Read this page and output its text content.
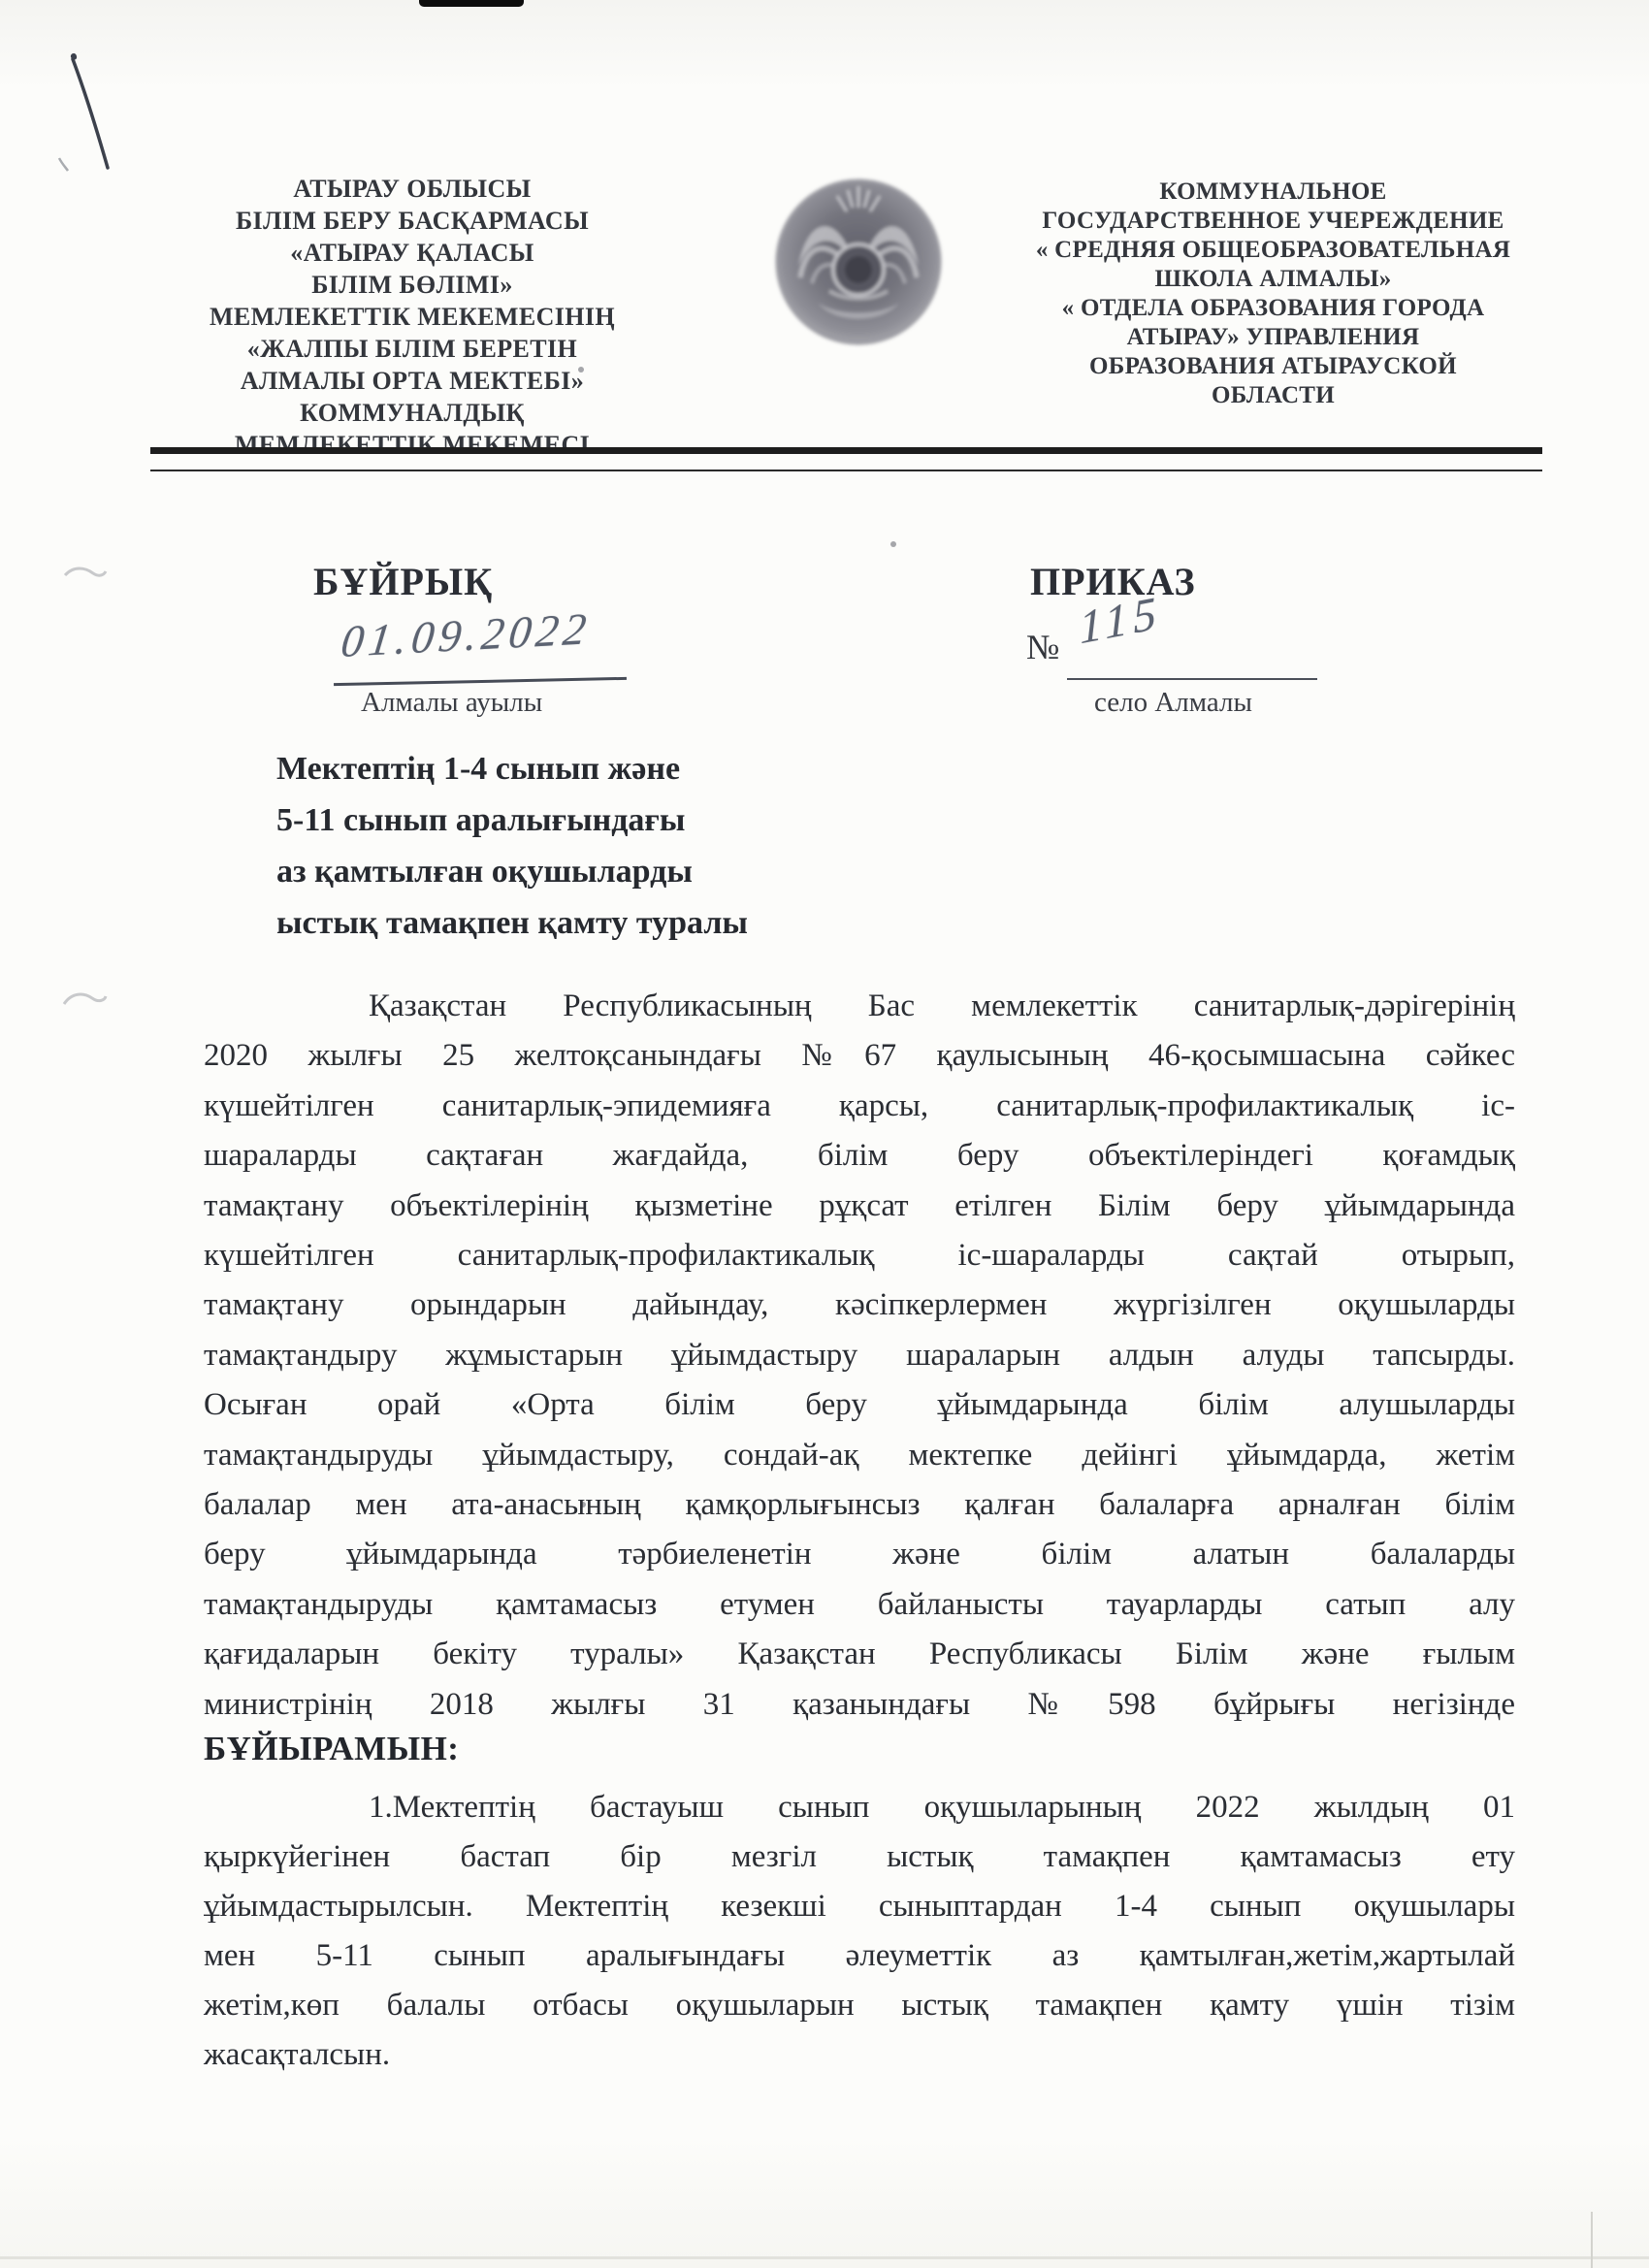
АТЫРАУ ОБЛЫСЫ
БІЛІМ БЕРУ БАСҚАРМАСЫ
«АТЫРАУ ҚАЛАСЫ
БІЛІМ БӨЛІМІ»
МЕМЛЕКЕТТІК МЕКЕМЕСІНІҢ
«ЖАЛПЫ БІЛІМ БЕРЕТІН
АЛМАЛЫ ОРТА МЕКТЕБІ»
КОММУНАЛДЫҚ
МЕМЛЕКЕТТІК МЕКЕМЕСІ
КОММУНАЛЬНОЕ
ГОСУДАРСТВЕННОЕ УЧЕРЕЖДЕНИЕ
« СРЕДНЯЯ ОБЩЕОБРАЗОВАТЕЛЬНАЯ
ШКОЛА АЛМАЛЫ»
« ОТДЕЛА ОБРАЗОВАНИЯ ГОРОДА
АТЫРАУ» УПРАВЛЕНИЯ
ОБРАЗОВАНИЯ АТЫРАУСКОЙ
ОБЛАСТИ
БҰЙРЫҚ	ПРИКАЗ
01.09.2022
Алмалы ауылы
№ 115
село Алмалы
Мектептің 1-4 сынып және
5-11 сынып аралығындағы
аз қамтылған оқушыларды
ыстық тамақпен қамту туралы
Қазақстан Республикасының Бас мемлекеттік санитарлық-дәрігерінің
2020 жылғы 25 желтоқсанындағы №67 қаулысының 46-қосымшасына сәйкес
күшейтілген санитарлық-эпидемияға қарсы, санитарлық-профилактикалық іс-
шараларды сақтаған жағдайда, білім беру объектілеріндегі қоғамдық
тамақтану объектілерінің қызметіне рұқсат етілген Білім беру ұйымдарында
күшейтілген санитарлық-профилактикалық іс-шараларды сақтай отырып,
тамақтану орындарын дайындау, кәсіпкерлермен жүргізілген оқушыларды
тамақтандыру жұмыстарын ұйымдастыру шараларын алдын алуды тапсырды.
Осыған орай «Орта білім беру ұйымдарында білім алушыларды
тамақтандыруды ұйымдастыру, сондай-ақ мектепке дейінгі ұйымдарда, жетім
балалар мен ата-анасының қамқорлығынсыз қалған балаларға арналған білім
беру ұйымдарында тәрбиеленетін және білім алатын балаларды
тамақтандыруды қамтамасыз етумен байланысты тауарларды сатып алу
қағидаларын бекіту туралы» Қазақстан Республикасы Білім және ғылым
министрінің 2018 жылғы 31 қазанындағы №598 бұйрығы негізінде
БҰЙЫРАМЫН:
1.Мектептің бастауыш сынып оқушыларының 2022 жылдың 01
қыркүйегінен бастап бір мезгіл ыстық тамақпен қамтамасыз ету
ұйымдастырылсын. Мектептің кезекші сыныптардан 1-4 сынып оқушылары
мен 5-11 сынып аралығындағы әлеуметтік аз қамтылған,жетім,жартылай
жетім,көп балалы отбасы оқушыларын ыстық тамақпен қамту үшін тізім
жасақталсын.
